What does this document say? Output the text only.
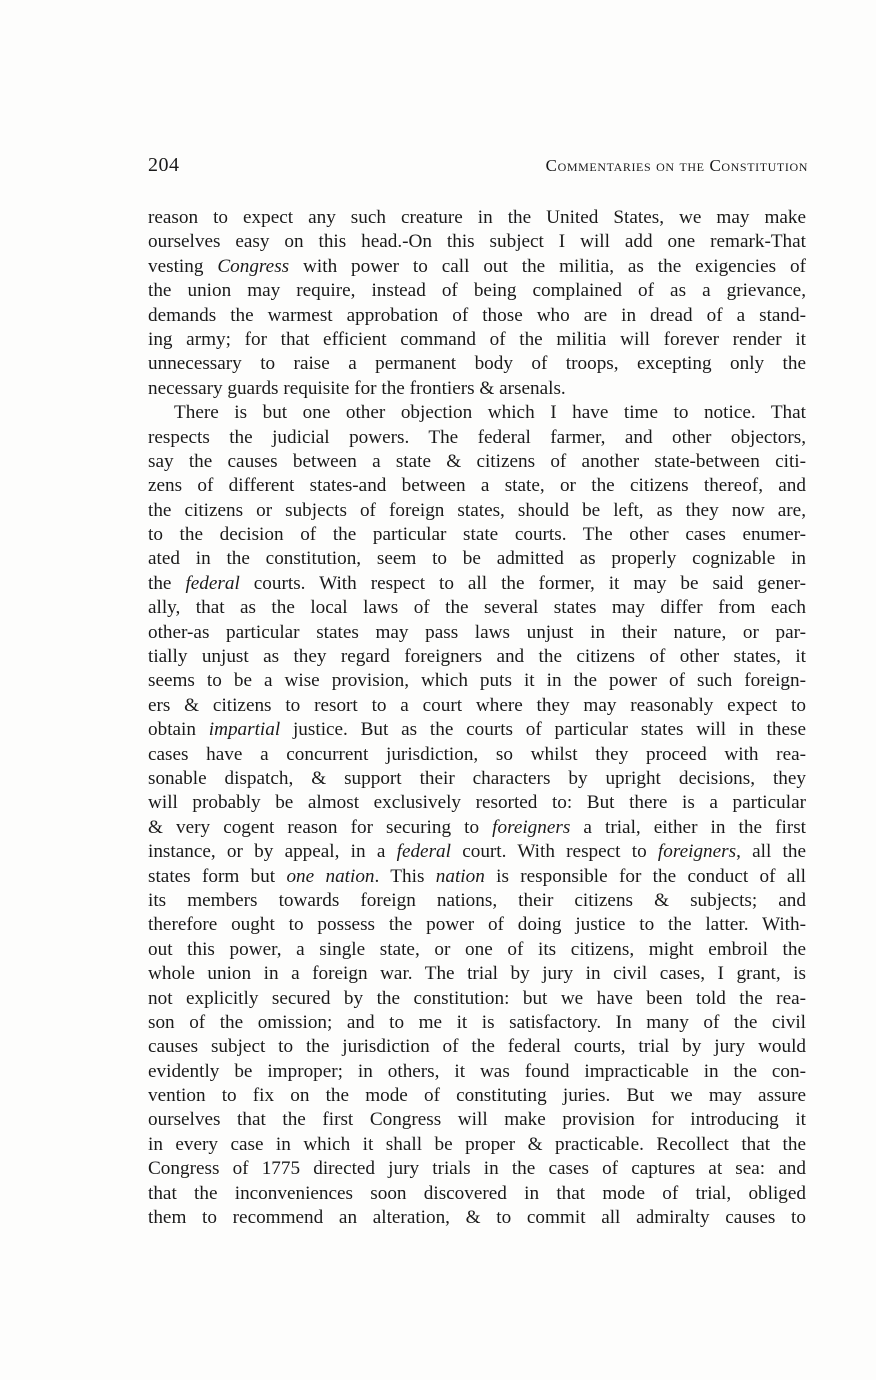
204	Commentaries on the Constitution
reason to expect any such creature in the United States, we may make
ourselves easy on this head.-On this subject I will add one remark-That
vesting Congress with power to call out the militia, as the exigencies of
the union may require, instead of being complained of as a grievance,
demands the warmest approbation of those who are in dread of a stand-
ing army; for that efficient command of the militia will forever render it
unnecessary to raise a permanent body of troops, excepting only the
necessary guards requisite for the frontiers & arsenals.
There is but one other objection which I have time to notice. That
respects the judicial powers. The federal farmer, and other objectors,
say the causes between a state & citizens of another state-between citi-
zens of different states-and between a state, or the citizens thereof, and
the citizens or subjects of foreign states, should be left, as they now are,
to the decision of the particular state courts. The other cases enumer-
ated in the constitution, seem to be admitted as properly cognizable in
the federal courts. With respect to all the former, it may be said gener-
ally, that as the local laws of the several states may differ from each
other-as particular states may pass laws unjust in their nature, or par-
tially unjust as they regard foreigners and the citizens of other states, it
seems to be a wise provision, which puts it in the power of such foreign-
ers & citizens to resort to a court where they may reasonably expect to
obtain impartial justice. But as the courts of particular states will in these
cases have a concurrent jurisdiction, so whilst they proceed with rea-
sonable dispatch, & support their characters by upright decisions, they
will probably be almost exclusively resorted to: But there is a particular
& very cogent reason for securing to foreigners a trial, either in the first
instance, or by appeal, in a federal court. With respect to foreigners, all the
states form but one nation. This nation is responsible for the conduct of all
its members towards foreign nations, their citizens & subjects; and
therefore ought to possess the power of doing justice to the latter. With-
out this power, a single state, or one of its citizens, might embroil the
whole union in a foreign war. The trial by jury in civil cases, I grant, is
not explicitly secured by the constitution: but we have been told the rea-
son of the omission; and to me it is satisfactory. In many of the civil
causes subject to the jurisdiction of the federal courts, trial by jury would
evidently be improper; in others, it was found impracticable in the con-
vention to fix on the mode of constituting juries. But we may assure
ourselves that the first Congress will make provision for introducing it
in every case in which it shall be proper & practicable. Recollect that the
Congress of 1775 directed jury trials in the cases of captures at sea: and
that the inconveniences soon discovered in that mode of trial, obliged
them to recommend an alteration, & to commit all admiralty causes to
